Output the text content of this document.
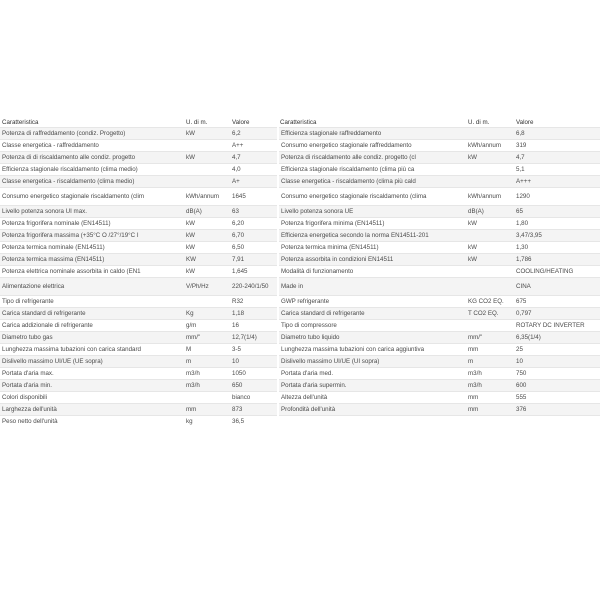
Caratteristica	U. di m.	Valore	Caratteristica	U. di m.	Valore
Potenza di raffreddamento (condiz. Progetto)	kW	6,2	Efficienza stagionale raffreddamento		6,8
Classe energetica - raffreddamento		A++	Consumo energetico stagionale raffreddamento	kWh/annum	319
Potenza di di riscaldamento alle condiz. progetto	kW	4,7	Potenza di riscaldamento alle condiz. progetto (cl	kW	4,7
Efficienza stagionale riscaldamento (clima medio)		4,0	Efficienza stagionale riscaldamento (clima più ca		5,1
Classe energetica - riscaldamento (clima medio)		A+	Classe energetica - riscaldamento (clima più cald		A+++
Consumo energetico stagionale riscaldamento (clim	kWh/annum	1645	Consumo energetico stagionale riscaldamento (clima	kWh/annum	1290
Livello potenza sonora UI max.	dB(A)	63	Livello potenza sonora UE	dB(A)	65
Potenza frigorifera nominale (EN14511)	kW	6,20	Potenza frigorifera minima (EN14511)	kW	1,80
Potenza frigorifera massima (+35°C О /27°/19°C I	kW	6,70	Efficienza energetica secondo la norma EN14511-201		3,47/3,95
Potenza termica nominale (EN14511)	kW	6,50	Potenza termica minima (EN14511)	kW	1,30
Potenza termica massima (EN14511)	KW	7,91	Potenza assorbita in condizioni EN14511	kW	1,786
Potenza elettrica nominale assorbita in caldo (EN1	kW	1,645	Modalità di funzionamento		COOLING/HEATING
Alimentazione elettrica	V/Ph/Hz	220-240/1/50	Made in		CINA
Tipo di refrigerante		R32	GWP refrigerante	KG CO2 EQ.	675
Carica standard di refrigerante	Kg	1,18	Carica standard di refrigerante	T CO2 EQ.	0,797
Carica addizionale di refrigerante	g/m	16	Tipo di compressore		ROTARY DC INVERTER
Diametro tubo gas	mm/"	12,7(1/4)	Diametro tubo liquido	mm/"	6,35(1/4)
Lunghezza massima tubazioni con carica standard	M	3-5	Lunghezza massima tubazioni con carica aggiuntiva	mm	25
Dislivello massimo UI/UE (UE sopra)	m	10	Dislivello massimo UI/UE (UI sopra)	m	10
Portata d'aria max.	m3/h	1050	Portata d'aria med.	m3/h	750
Portata d'aria min.	m3/h	650	Portata d'aria supermin.	m3/h	600
Colori disponibili		bianco	Altezza dell'unità	mm	555
Larghezza dell'unità	mm	873	Profondità dell'unità	mm	376
Peso netto dell'unità	kg	36,5			
